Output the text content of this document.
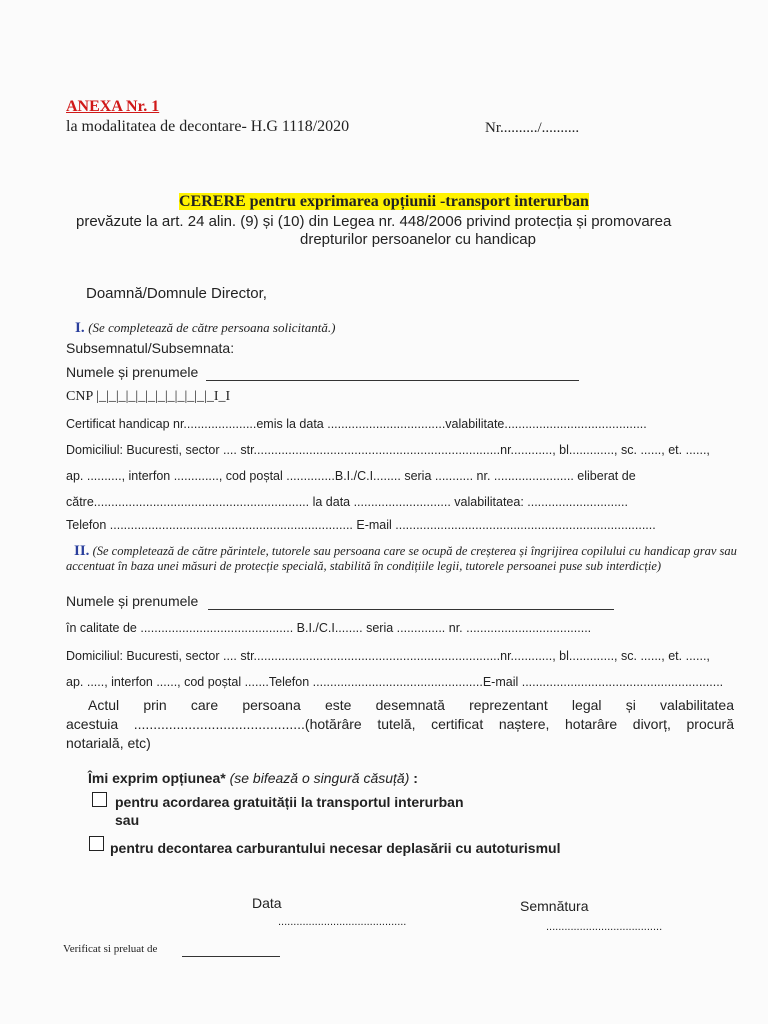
ANEXA Nr. 1
la modalitatea de decontare- H.G 1118/2020	Nr........../..........
CERERE pentru exprimarea opțiunii -transport interurban
prevăzute la art. 24 alin. (9) și (10) din Legea nr. 448/2006 privind protecția și promovarea
drepturilor persoanelor cu handicap
Doamnă/Domnule Director,
I. (Se completează de către persoana solicitantă.)
Subsemnatul/Subsemnata:
Numele și prenumele
CNP |_|_|_|_|_|_|_|_|_|_|_|_I_I
Certificat handicap nr.....................emis la data ..................................valabilitate.........................................
Domiciliul: Bucuresti, sector .... str.......................................................................nr............, bl............., sc. ......, et. ......,
ap. .........., interfon ............., cod poștal ..............B.I./C.I........ seria ........... nr. ....................... eliberat de
către.............................................................. la data ............................ valabilitatea: .............................
Telefon ...................................................................... E-mail ...........................................................................
II. (Se completează de către părintele, tutorele sau persoana care se ocupă de creșterea și îngrijirea copilului cu handicap grav sau accentuat în baza unei măsuri de protecție specială, stabilită în condițiile legii, tutorele persoanei puse sub interdicție)
Numele și prenumele
în calitate de ............................................ B.I./C.I........ seria .............. nr. ....................................
Domiciliul: Bucuresti, sector .... str.......................................................................nr............, bl............., sc. ......, et. ......,
ap. ....., interfon ......, cod poștal .......Telefon .................................................E-mail ..........................................................
Actul prin care persoana este desemnată reprezentant legal și valabilitatea
acestuia ............................................(hotărâre tutelă, certificat naștere, hotarâre divorț, procură
notarială, etc)
Îmi exprim opțiunea* (se bifează o singură căsuță) :
pentru acordarea gratuității la transportul interurban
sau
pentru decontarea carburantului necesar deplasării cu autoturismul
Data
..........................................
Semnătura
......................................
Verificat si preluat de
